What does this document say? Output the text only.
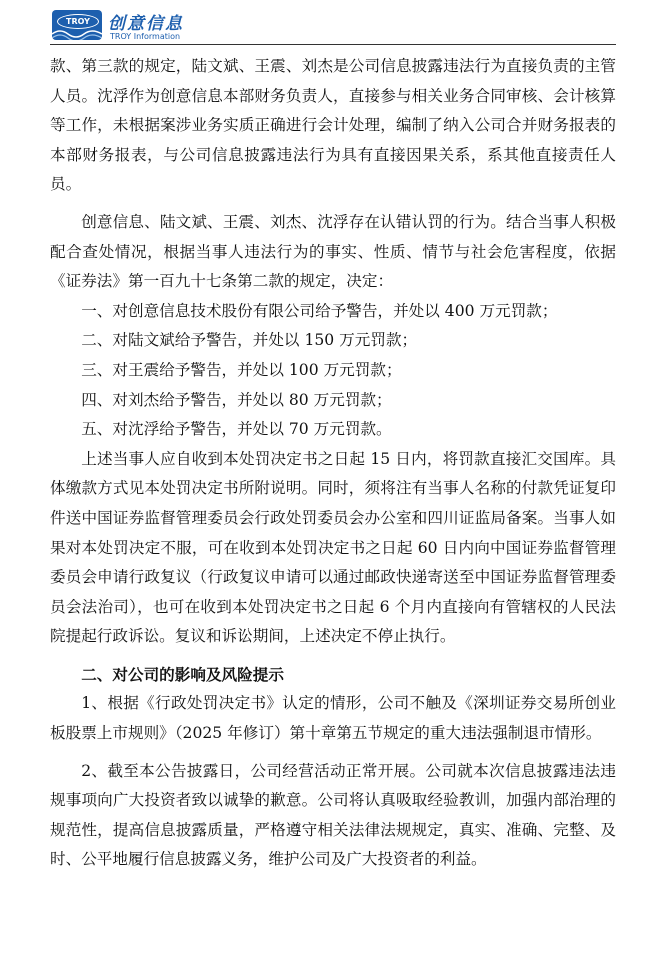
TROY	创意信息
TROY Information

款、第三款的规定，陆文斌、王震、刘杰是公司信息披露违法行为直接负责的主管人员。沈浮作为创意信息本部财务负责人，直接参与相关业务合同审核、会计核算等工作，未根据案涉业务实质正确进行会计处理，编制了纳入公司合并财务报表的本部财务报表，与公司信息披露违法行为具有直接因果关系，系其他直接责任人员。

创意信息、陆文斌、王震、刘杰、沈浮存在认错认罚的行为。结合当事人积极配合查处情况，根据当事人违法行为的事实、性质、情节与社会危害程度，依据《证券法》第一百九十七条第二款的规定，决定：

一、对创意信息技术股份有限公司给予警告，并处以 400 万元罚款；

二、对陆文斌给予警告，并处以 150 万元罚款；

三、对王震给予警告，并处以 100 万元罚款；

四、对刘杰给予警告，并处以 80 万元罚款；

五、对沈浮给予警告，并处以 70 万元罚款。

上述当事人应自收到本处罚决定书之日起 15 日内，将罚款直接汇交国库。具体缴款方式见本处罚决定书所附说明。同时，须将注有当事人名称的付款凭证复印件送中国证券监督管理委员会行政处罚委员会办公室和四川证监局备案。当事人如果对本处罚决定不服，可在收到本处罚决定书之日起 60 日内向中国证券监督管理委员会申请行政复议（行政复议申请可以通过邮政快递寄送至中国证券监督管理委员会法治司），也可在收到本处罚决定书之日起 6 个月内直接向有管辖权的人民法院提起行政诉讼。复议和诉讼期间，上述决定不停止执行。

二、对公司的影响及风险提示

1、根据《行政处罚决定书》认定的情形，公司不触及《深圳证券交易所创业板股票上市规则》（2025 年修订）第十章第五节规定的重大违法强制退市情形。

2、截至本公告披露日，公司经营活动正常开展。公司就本次信息披露违法违规事项向广大投资者致以诚挚的歉意。公司将认真吸取经验教训，加强内部治理的规范性，提高信息披露质量，严格遵守相关法律法规规定，真实、准确、完整、及时、公平地履行信息披露义务，维护公司及广大投资者的利益。
